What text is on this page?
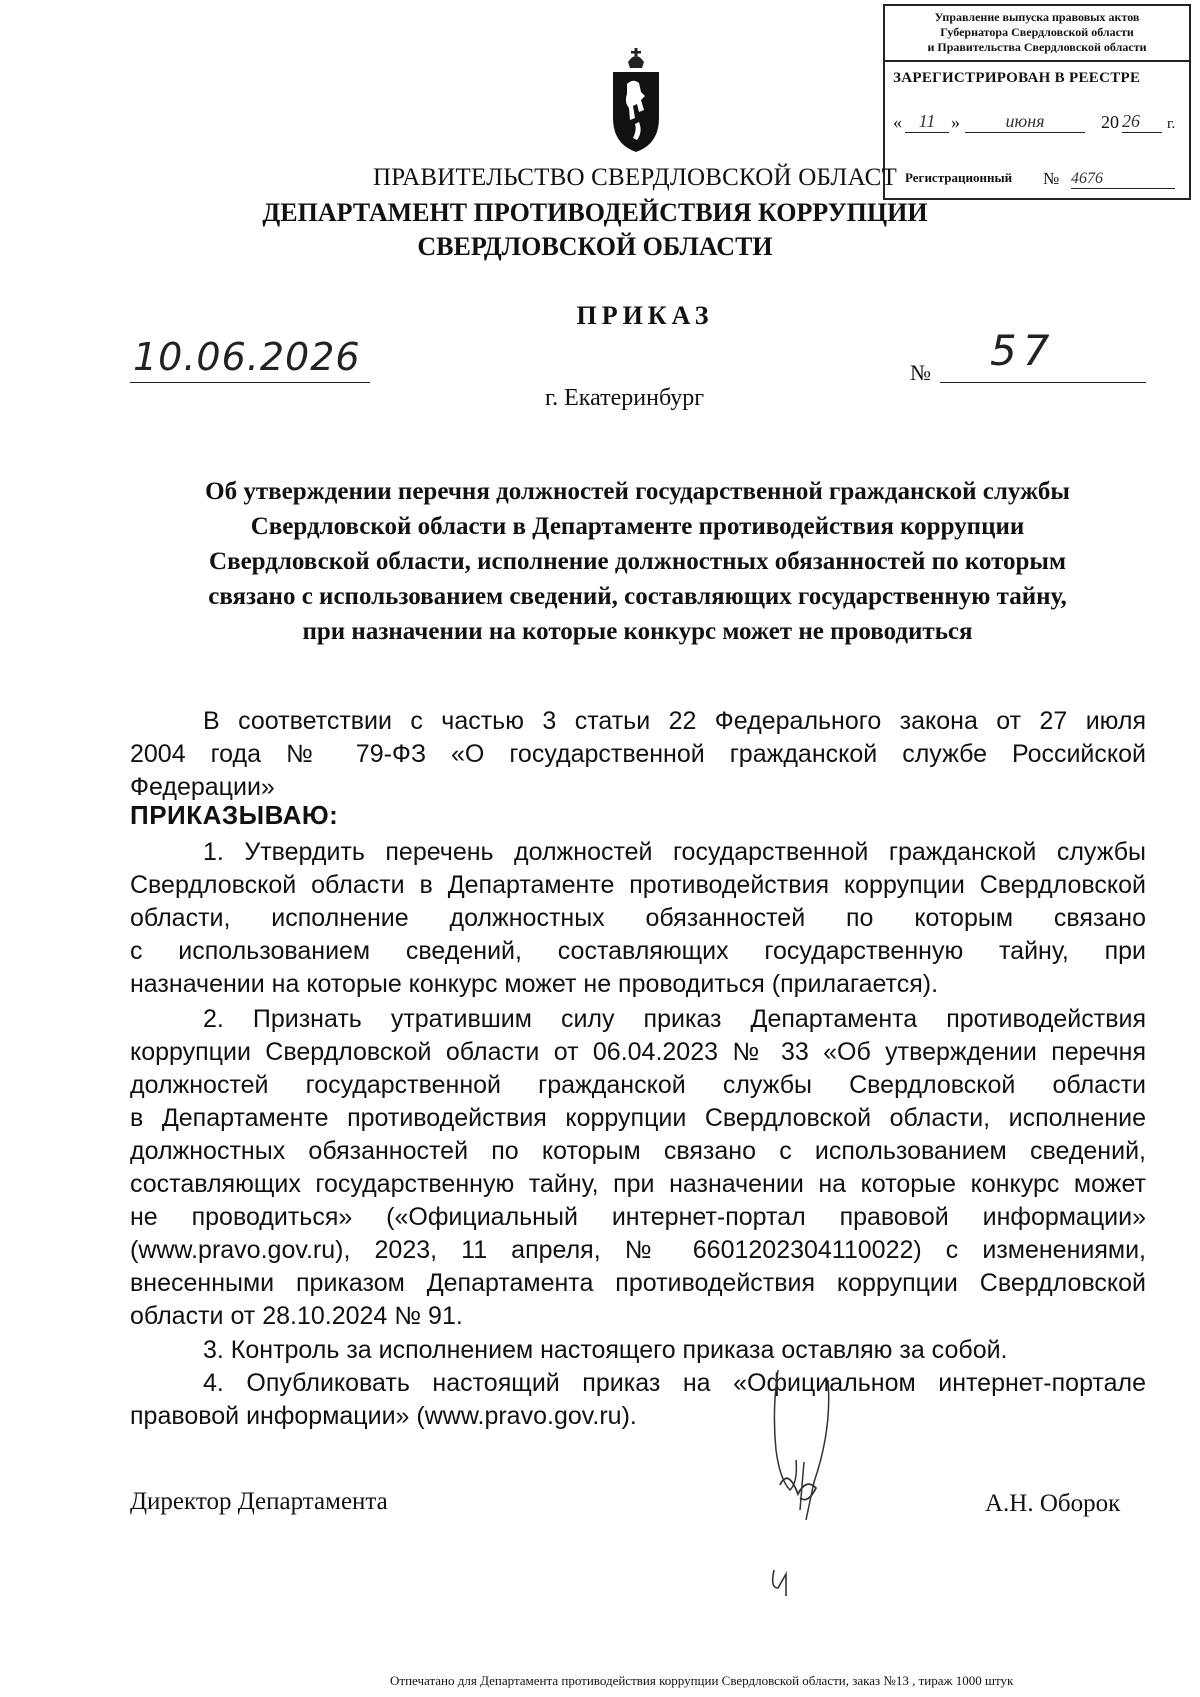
Управление выпуска правовых актов
Губернатора Свердловской области
и Правительства Свердловской области
ЗАРЕГИСТРИРОВАН В РЕЕСТРЕ
« 11 »	июня	20 26	г.
Регистрационный № 4676
ПРАВИТЕЛЬСТВО СВЕРДЛОВСКОЙ ОБЛАСТ
ДЕПАРТАМЕНТ ПРОТИВОДЕЙСТВИЯ КОРРУПЦИИ
СВЕРДЛОВСКОЙ ОБЛАСТИ
ПРИКАЗ
10.06.2026	№ 57
г. Екатеринбург
Об утверждении перечня должностей государственной гражданской службы
Свердловской области в Департаменте противодействия коррупции
Свердловской области, исполнение должностных обязанностей по которым
связано с использованием сведений, составляющих государственную тайну,
при назначении на которые конкурс может не проводиться
В соответствии с частью 3 статьи 22 Федерального закона от 27 июля
2004 года № 79-ФЗ «О государственной гражданской службе Российской
Федерации»
ПРИКАЗЫВАЮ:
1. Утвердить перечень должностей государственной гражданской службы
Свердловской области в Департаменте противодействия коррупции Свердловской
области, исполнение должностных обязанностей по которым связано
с использованием сведений, составляющих государственную тайну, при
назначении на которые конкурс может не проводиться (прилагается).
2. Признать утратившим силу приказ Департамента противодействия
коррупции Свердловской области от 06.04.2023 № 33 «Об утверждении перечня
должностей государственной гражданской службы Свердловской области
в Департаменте противодействия коррупции Свердловской области, исполнение
должностных обязанностей по которым связано с использованием сведений,
составляющих государственную тайну, при назначении на которые конкурс может
не проводиться» («Официальный интернет-портал правовой информации»
(www.pravo.gov.ru), 2023, 11 апреля, № 6601202304110022) с изменениями,
внесенными приказом Департамента противодействия коррупции Свердловской
области от 28.10.2024 № 91.
3. Контроль за исполнением настоящего приказа оставляю за собой.
4. Опубликовать настоящий приказ на «Официальном интернет-портале
правовой информации» (www.pravo.gov.ru).
Директор Департамента	А.Н. Оборок
Отпечатано для Департамента противодействия коррупции Свердловской области, заказ №13 , тираж 1000 штук
